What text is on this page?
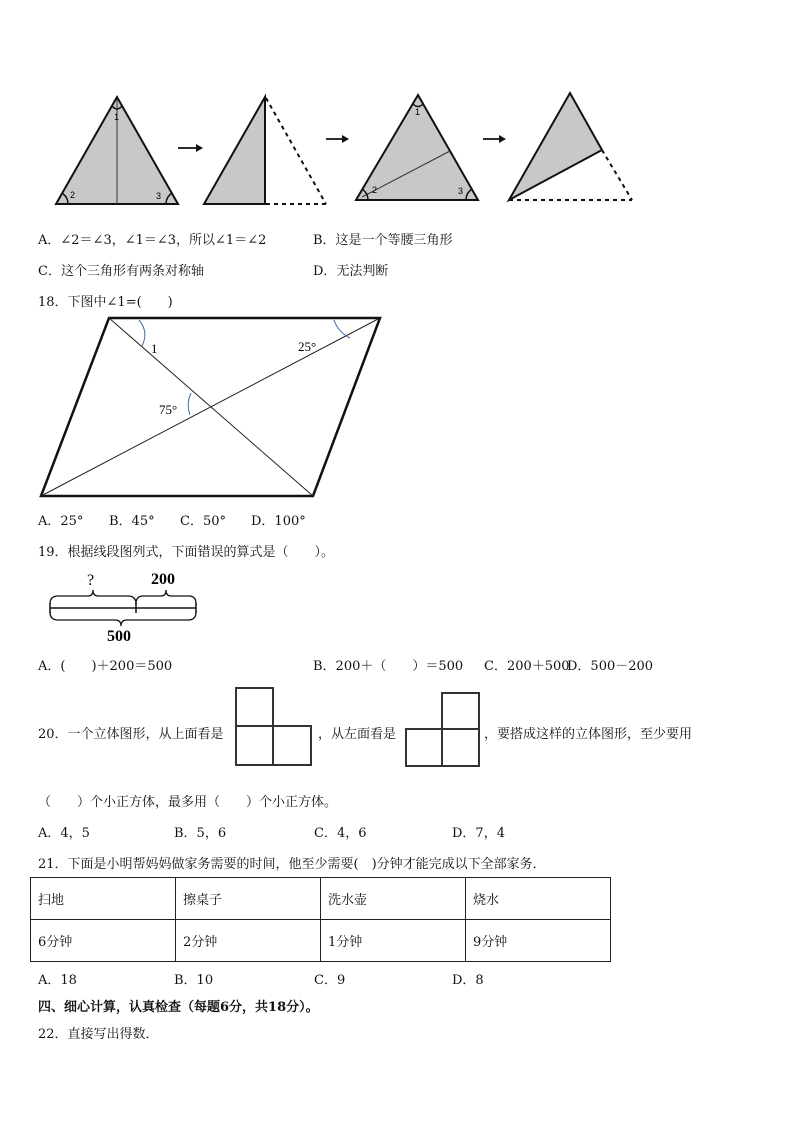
1
2	3
1
2	3
A．∠2＝∠3，∠1＝∠3，所以∠1＝∠2	B．这是一个等腰三角形
C．这个三角形有两条对称轴	D．无法判断
18．下图中∠1=(　　)
1	25°
75°
A．25° B．45° C．50° D．100°
19．根据线段图列式，下面错误的算式是（　　）。
?	200
500
A．(　　)＋200＝500	B．200＋（　　）＝500 C．200＋500
D．500－200
20．一个立体图形，从上面看是	，从左面看是	，要搭成这样的立体图形，至少要用
（　　）个小正方体，最多用（　　）个小正方体。
A．4，5	B．5，6	C．4，6	D．7，4
21．下面是小明帮妈妈做家务需要的时间，他至少需要(　)分钟才能完成以下全部家务．
扫地	擦桌子	洗水壶	烧水
6分钟	2分钟	1分钟	9分钟
A．18	B．10	C．9	D．8
四、细心计算，认真检查（每题6分，共18分）。
22．直接写出得数．
